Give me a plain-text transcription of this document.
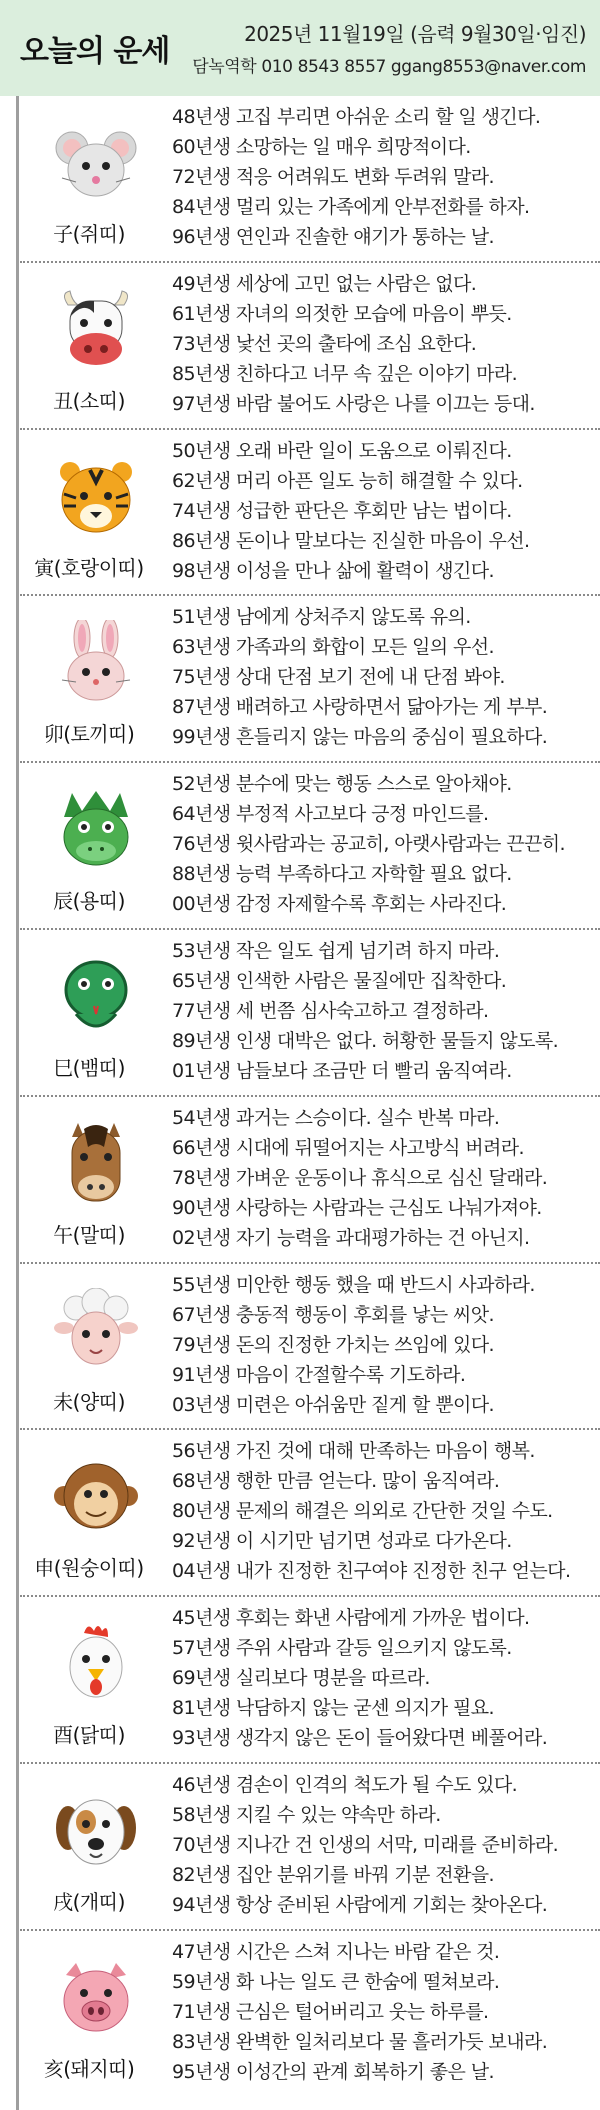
오늘의 운세	2025년 11월19일 (음력 9월30일·임진)
담녹역학 010 8543 8557 ggang8553@naver.com
子(쥐띠)
48년생 고집 부리면 아쉬운 소리 할 일 생긴다.
60년생 소망하는 일 매우 희망적이다.
72년생 적응 어려워도 변화 두려워 말라.
84년생 멀리 있는 가족에게 안부전화를 하자.
96년생 연인과 진솔한 얘기가 통하는 날.
丑(소띠)
49년생 세상에 고민 없는 사람은 없다.
61년생 자녀의 의젓한 모습에 마음이 뿌듯.
73년생 낯선 곳의 출타에 조심 요한다.
85년생 친하다고 너무 속 깊은 이야기 마라.
97년생 바람 불어도 사랑은 나를 이끄는 등대.
寅(호랑이띠)
50년생 오래 바란 일이 도움으로 이뤄진다.
62년생 머리 아픈 일도 능히 해결할 수 있다.
74년생 성급한 판단은 후회만 남는 법이다.
86년생 돈이나 말보다는 진실한 마음이 우선.
98년생 이성을 만나 삶에 활력이 생긴다.
卯(토끼띠)
51년생 남에게 상처주지 않도록 유의.
63년생 가족과의 화합이 모든 일의 우선.
75년생 상대 단점 보기 전에 내 단점 봐야.
87년생 배려하고 사랑하면서 닮아가는 게 부부.
99년생 흔들리지 않는 마음의 중심이 필요하다.
辰(용띠)
52년생 분수에 맞는 행동 스스로 알아채야.
64년생 부정적 사고보다 긍정 마인드를.
76년생 윗사람과는 공교히, 아랫사람과는 끈끈히.
88년생 능력 부족하다고 자학할 필요 없다.
00년생 감정 자제할수록 후회는 사라진다.
巳(뱀띠)
53년생 작은 일도 쉽게 넘기려 하지 마라.
65년생 인색한 사람은 물질에만 집착한다.
77년생 세 번쯤 심사숙고하고 결정하라.
89년생 인생 대박은 없다. 허황한 물들지 않도록.
01년생 남들보다 조금만 더 빨리 움직여라.
午(말띠)
54년생 과거는 스승이다. 실수 반복 마라.
66년생 시대에 뒤떨어지는 사고방식 버려라.
78년생 가벼운 운동이나 휴식으로 심신 달래라.
90년생 사랑하는 사람과는 근심도 나눠가져야.
02년생 자기 능력을 과대평가하는 건 아닌지.
未(양띠)
55년생 미안한 행동 했을 때 반드시 사과하라.
67년생 충동적 행동이 후회를 낳는 씨앗.
79년생 돈의 진정한 가치는 쓰임에 있다.
91년생 마음이 간절할수록 기도하라.
03년생 미련은 아쉬움만 짙게 할 뿐이다.
申(원숭이띠)
56년생 가진 것에 대해 만족하는 마음이 행복.
68년생 행한 만큼 얻는다. 많이 움직여라.
80년생 문제의 해결은 의외로 간단한 것일 수도.
92년생 이 시기만 넘기면 성과로 다가온다.
04년생 내가 진정한 친구여야 진정한 친구 얻는다.
酉(닭띠)
45년생 후회는 화낸 사람에게 가까운 법이다.
57년생 주위 사람과 갈등 일으키지 않도록.
69년생 실리보다 명분을 따르라.
81년생 낙담하지 않는 굳센 의지가 필요.
93년생 생각지 않은 돈이 들어왔다면 베풀어라.
戌(개띠)
46년생 겸손이 인격의 척도가 될 수도 있다.
58년생 지킬 수 있는 약속만 하라.
70년생 지나간 건 인생의 서막, 미래를 준비하라.
82년생 집안 분위기를 바꿔 기분 전환을.
94년생 항상 준비된 사람에게 기회는 찾아온다.
亥(돼지띠)
47년생 시간은 스쳐 지나는 바람 같은 것.
59년생 화 나는 일도 큰 한숨에 떨쳐보라.
71년생 근심은 털어버리고 웃는 하루를.
83년생 완벽한 일처리보다 물 흘러가듯 보내라.
95년생 이성간의 관계 회복하기 좋은 날.
